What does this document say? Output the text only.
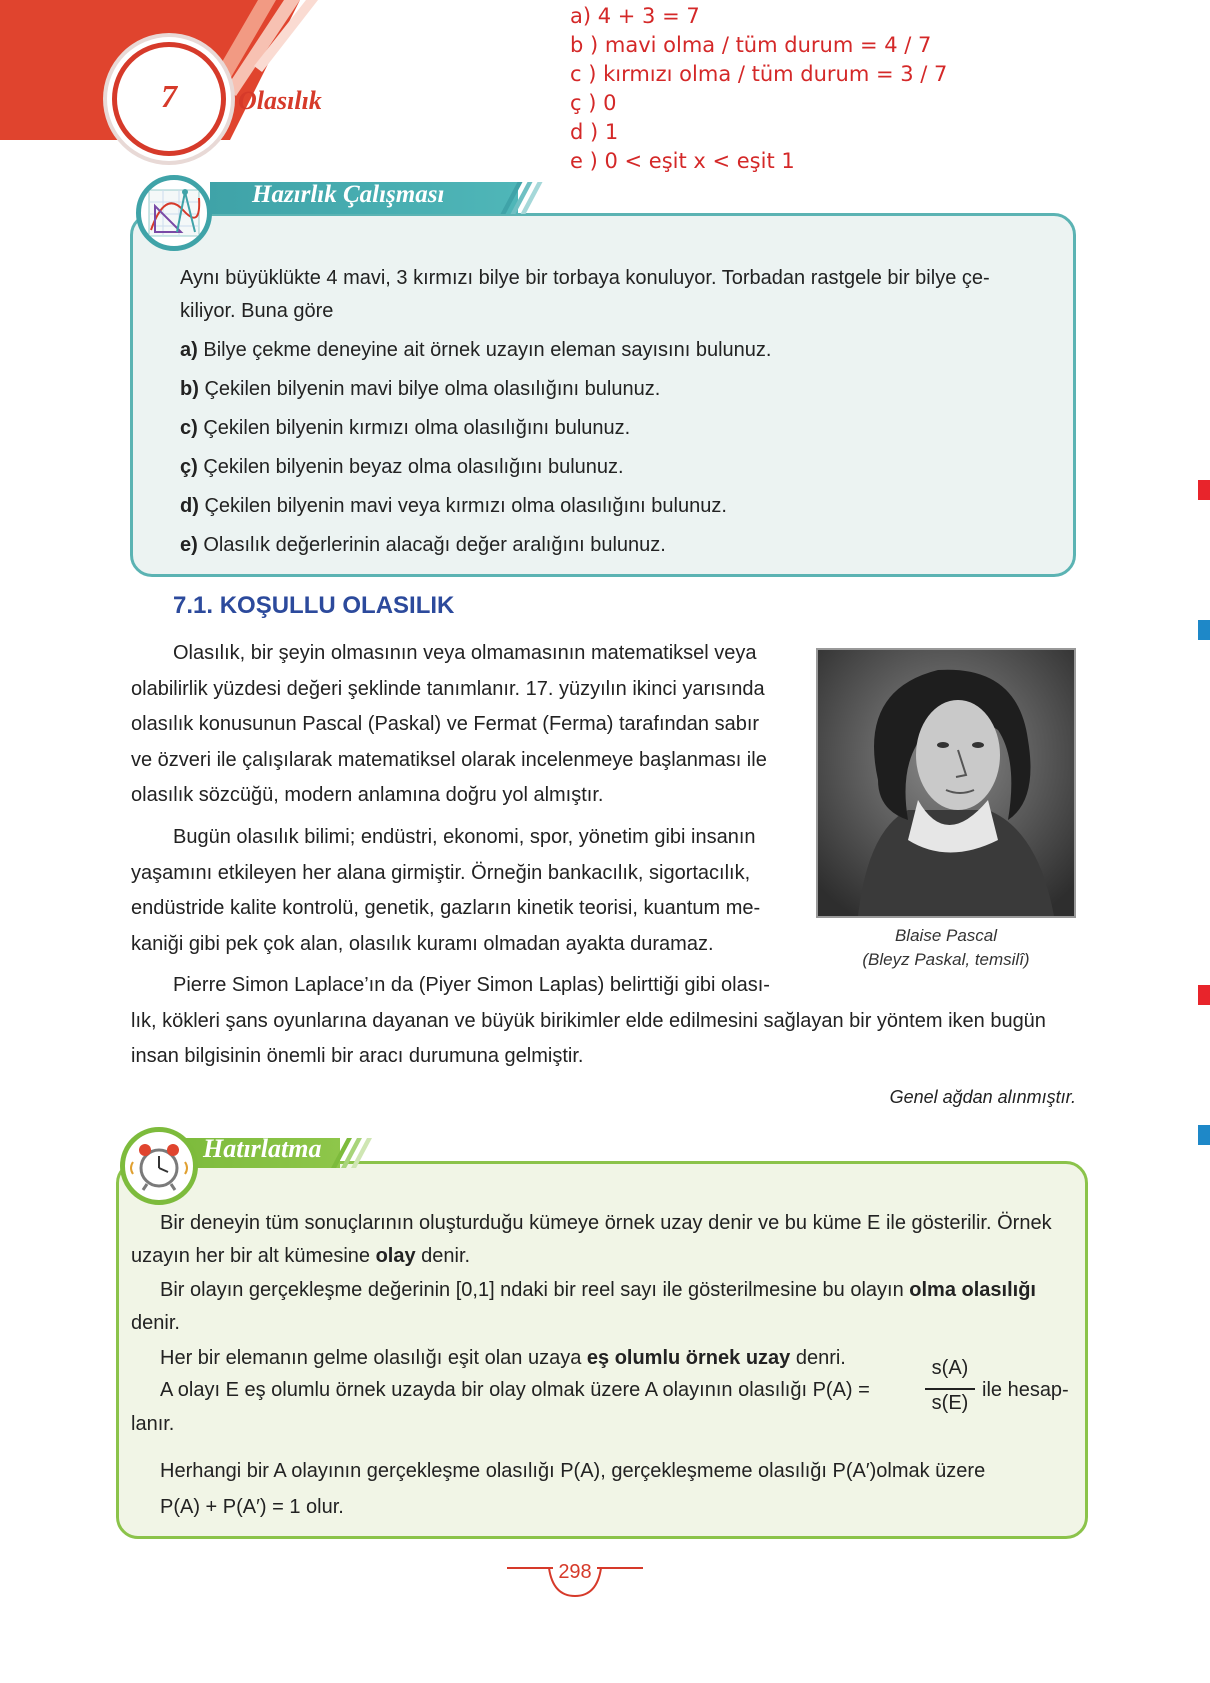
7	Olasılık
a) 4 + 3 = 7
b ) mavi olma / tüm durum = 4 / 7
c ) kırmızı olma / tüm durum = 3 / 7
ç ) 0
d ) 1
e ) 0 < eşit x < eşit 1
Hazırlık Çalışması
Aynı büyüklükte 4 mavi, 3 kırmızı bilye bir torbaya konuluyor. Torbadan rastgele bir bilye çe-
kiliyor. Buna göre
a) Bilye çekme deneyine ait örnek uzayın eleman sayısını bulunuz.
b) Çekilen bilyenin mavi bilye olma olasılığını bulunuz.
c) Çekilen bilyenin kırmızı olma olasılığını bulunuz.
ç) Çekilen bilyenin beyaz olma olasılığını bulunuz.
d) Çekilen bilyenin mavi veya kırmızı olma olasılığını bulunuz.
e) Olasılık değerlerinin alacağı değer aralığını bulunuz.
7.1. KOŞULLU OLASILIK
Olasılık, bir şeyin olmasının veya olmamasının matematiksel veya
olabilirlik yüzdesi değeri şeklinde tanımlanır. 17. yüzyılın ikinci yarısında
olasılık konusunun Pascal (Paskal) ve Fermat (Ferma) tarafından sabır
ve özveri ile çalışılarak matematiksel olarak incelenmeye başlanması ile
olasılık sözcüğü, modern anlamına doğru yol almıştır.
Bugün olasılık bilimi; endüstri, ekonomi, spor, yönetim gibi insanın
yaşamını etkileyen her alana girmiştir. Örneğin bankacılık, sigortacılık,
endüstride kalite kontrolü, genetik, gazların kinetik teorisi, kuantum me-
kaniği gibi pek çok alan, olasılık kuramı olmadan ayakta duramaz.
Pierre Simon Laplace’ın da (Piyer Simon Laplas) belirttiği gibi olası-
lık, kökleri şans oyunlarına dayanan ve büyük birikimler elde edilmesini sağlayan bir yöntem iken bugün
insan bilgisinin önemli bir aracı durumuna gelmiştir.
Blaise Pascal
(Bleyz Paskal, temsilî)
Genel ağdan alınmıştır.
Hatırlatma
Bir deneyin tüm sonuçlarının oluşturduğu kümeye örnek uzay denir ve bu küme E ile gösterilir. Örnek
uzayın her bir alt kümesine olay denir.
Bir olayın gerçekleşme değerinin [0,1] ndaki bir reel sayı ile gösterilmesine bu olayın olma olasılığı
denir.
Her bir elemanın gelme olasılığı eşit olan uzaya eş olumlu örnek uzay denri.
A olayı E eş olumlu örnek uzayda bir olay olmak üzere A olayının olasılığı P(A) =
s(A)
s(E)
ile hesap-
lanır.
Herhangi bir A olayının gerçekleşme olasılığı P(A), gerçekleşmeme olasılığı P(A′)olmak üzere
P(A) + P(A′) = 1 olur.
298
